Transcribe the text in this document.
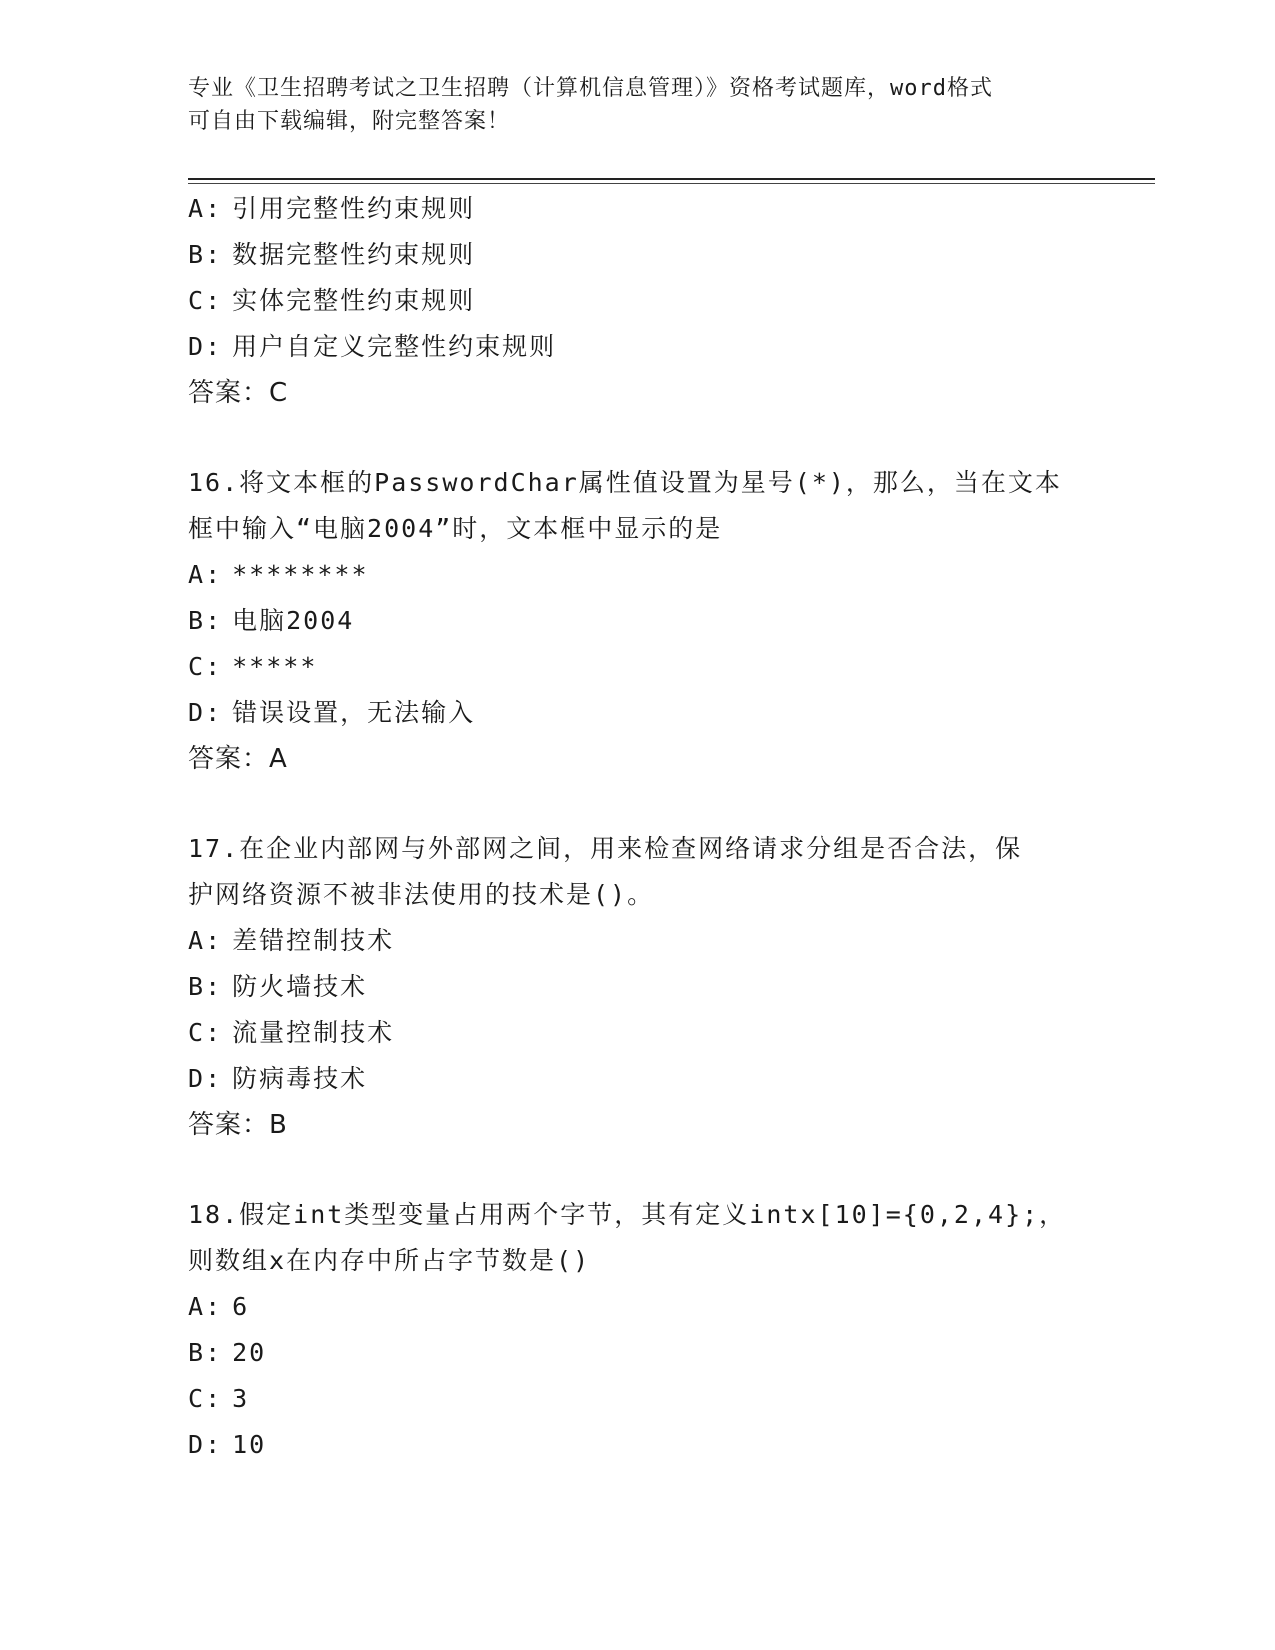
专业《卫生招聘考试之卫生招聘（计算机信息管理）》资格考试题库，word格式
可自由下载编辑，附完整答案！
A: 引用完整性约束规则
B: 数据完整性约束规则
C: 实体完整性约束规则
D: 用户自定义完整性约束规则
答案：C
16.将文本框的PasswordChar属性值设置为星号(*)，那么，当在文本
框中输入“电脑2004”时，文本框中显示的是
A: ********
B: 电脑2004
C: *****
D: 错误设置，无法输入
答案：A
17.在企业内部网与外部网之间，用来检查网络请求分组是否合法，保
护网络资源不被非法使用的技术是()。
A: 差错控制技术
B: 防火墙技术
C: 流量控制技术
D: 防病毒技术
答案：B
18.假定int类型变量占用两个字节，其有定义intx[10]={0,2,4};，
则数组x在内存中所占字节数是()
A: 6
B: 20
C: 3
D: 10
